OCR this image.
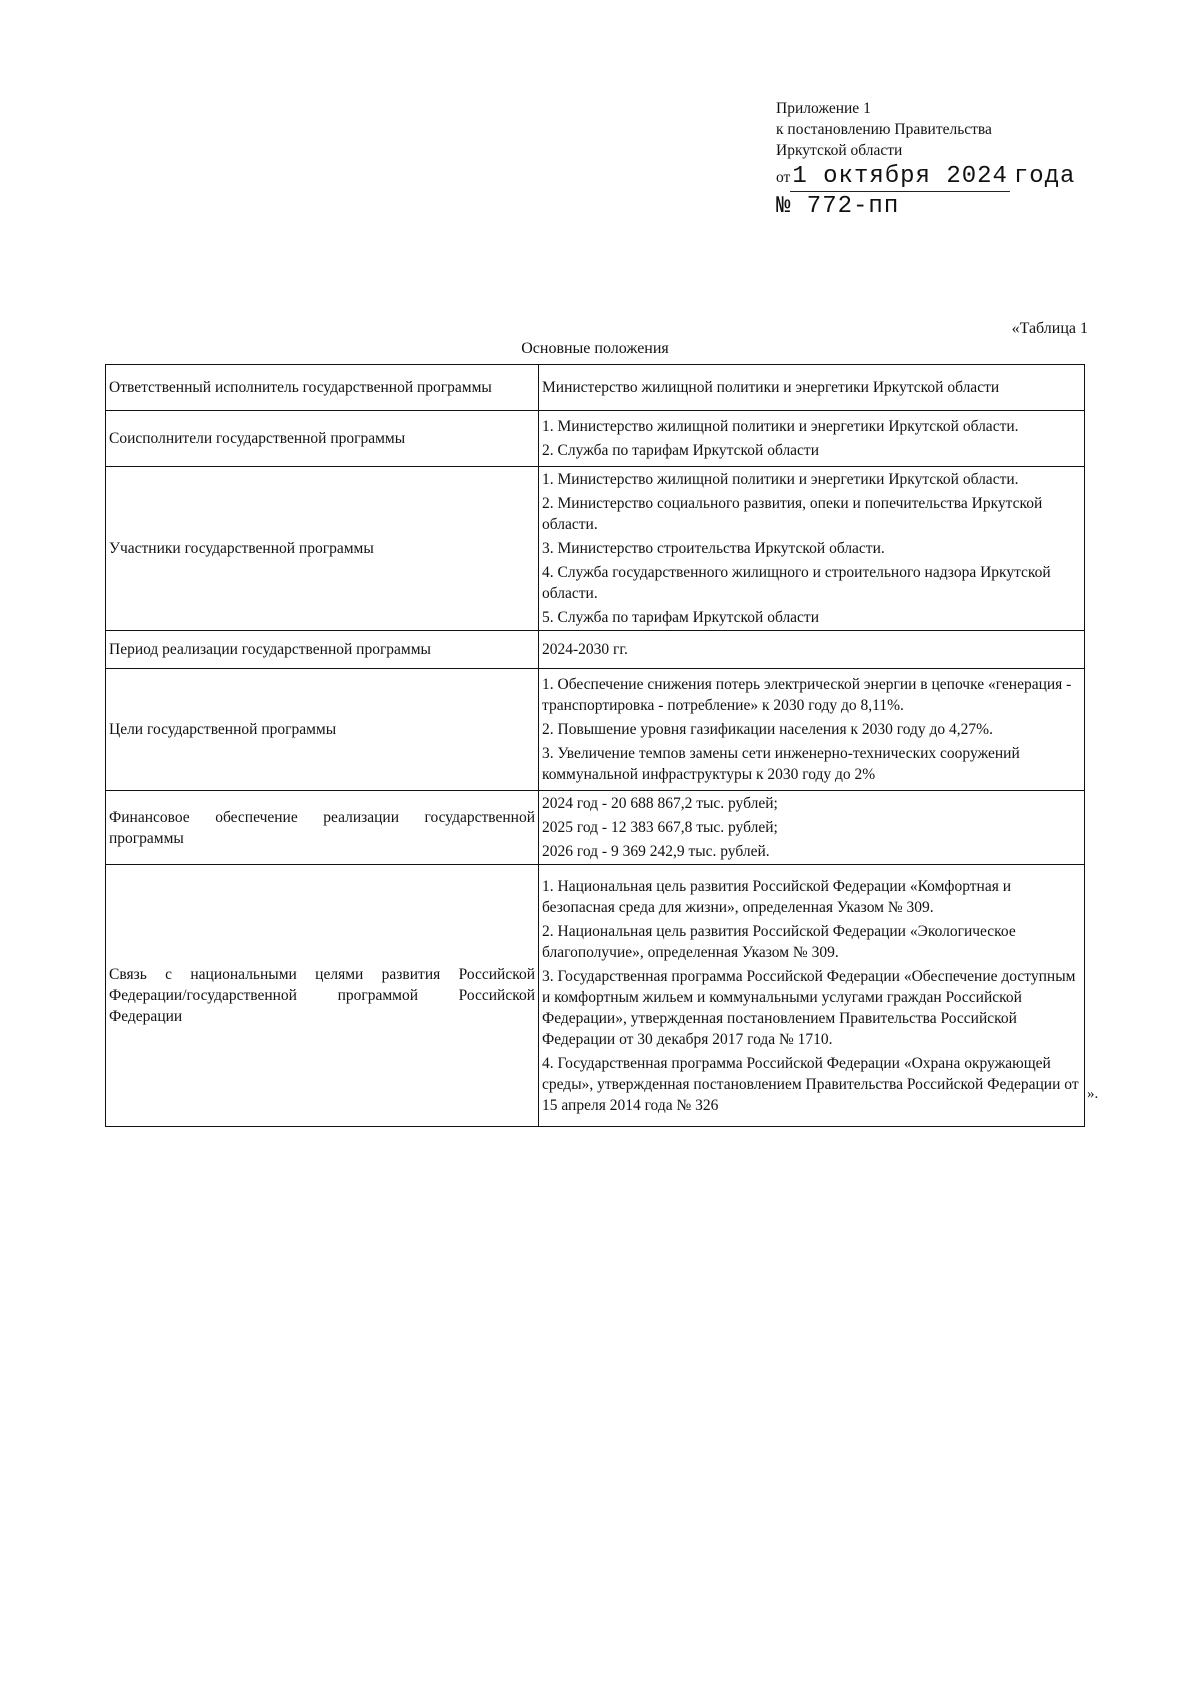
Приложение 1
к постановлению Правительства
Иркутской области
от1 октября 2024 года
№ 772-пп
«Таблица 1
Основные положения
Ответственный исполнитель государственной программы	Министерство жилищной политики и энергетики Иркутской области

Соисполнители государственной программы	1. Министерство жилищной политики и энергетики Иркутской области.
2. Служба по тарифам Иркутской области

Участники государственной программы	1. Министерство жилищной политики и энергетики Иркутской области.
2. Министерство социального развития, опеки и попечительства Иркутской области.
3. Министерство строительства Иркутской области.
4. Служба государственного жилищного и строительного надзора Иркутской области.
5. Служба по тарифам Иркутской области

Период реализации государственной программы	2024-2030 гг.

Цели государственной программы	1. Обеспечение снижения потерь электрической энергии в цепочке «генерация - транспортировка - потребление» к 2030 году до 8,11%.
2. Повышение уровня газификации населения к 2030 году до 4,27%.
3. Увеличение темпов замены сети инженерно-технических сооружений коммунальной инфраструктуры к 2030 году до 2%

Финансовое обеспечение реализации государственной программы	2024 год - 20 688 867,2 тыс. рублей;
2025 год - 12 383 667,8 тыс. рублей;
2026 год - 9 369 242,9 тыс. рублей.

Связь с национальными целями развития Российской Федерации/государственной программой Российской Федерации	1. Национальная цель развития Российской Федерации «Комфортная и безопасная среда для жизни», определенная Указом № 309.
2. Национальная цель развития Российской Федерации «Экологическое благополучие», определенная Указом № 309.
3. Государственная программа Российской Федерации «Обеспечение доступным и комфортным жильем и коммунальными услугами граждан Российской Федерации», утвержденная постановлением Правительства Российской Федерации от 30 декабря 2017 года № 1710.
4. Государственная программа Российской Федерации «Охрана окружающей среды», утвержденная постановлением Правительства Российской Федерации от 15 апреля 2014 года № 326
».
